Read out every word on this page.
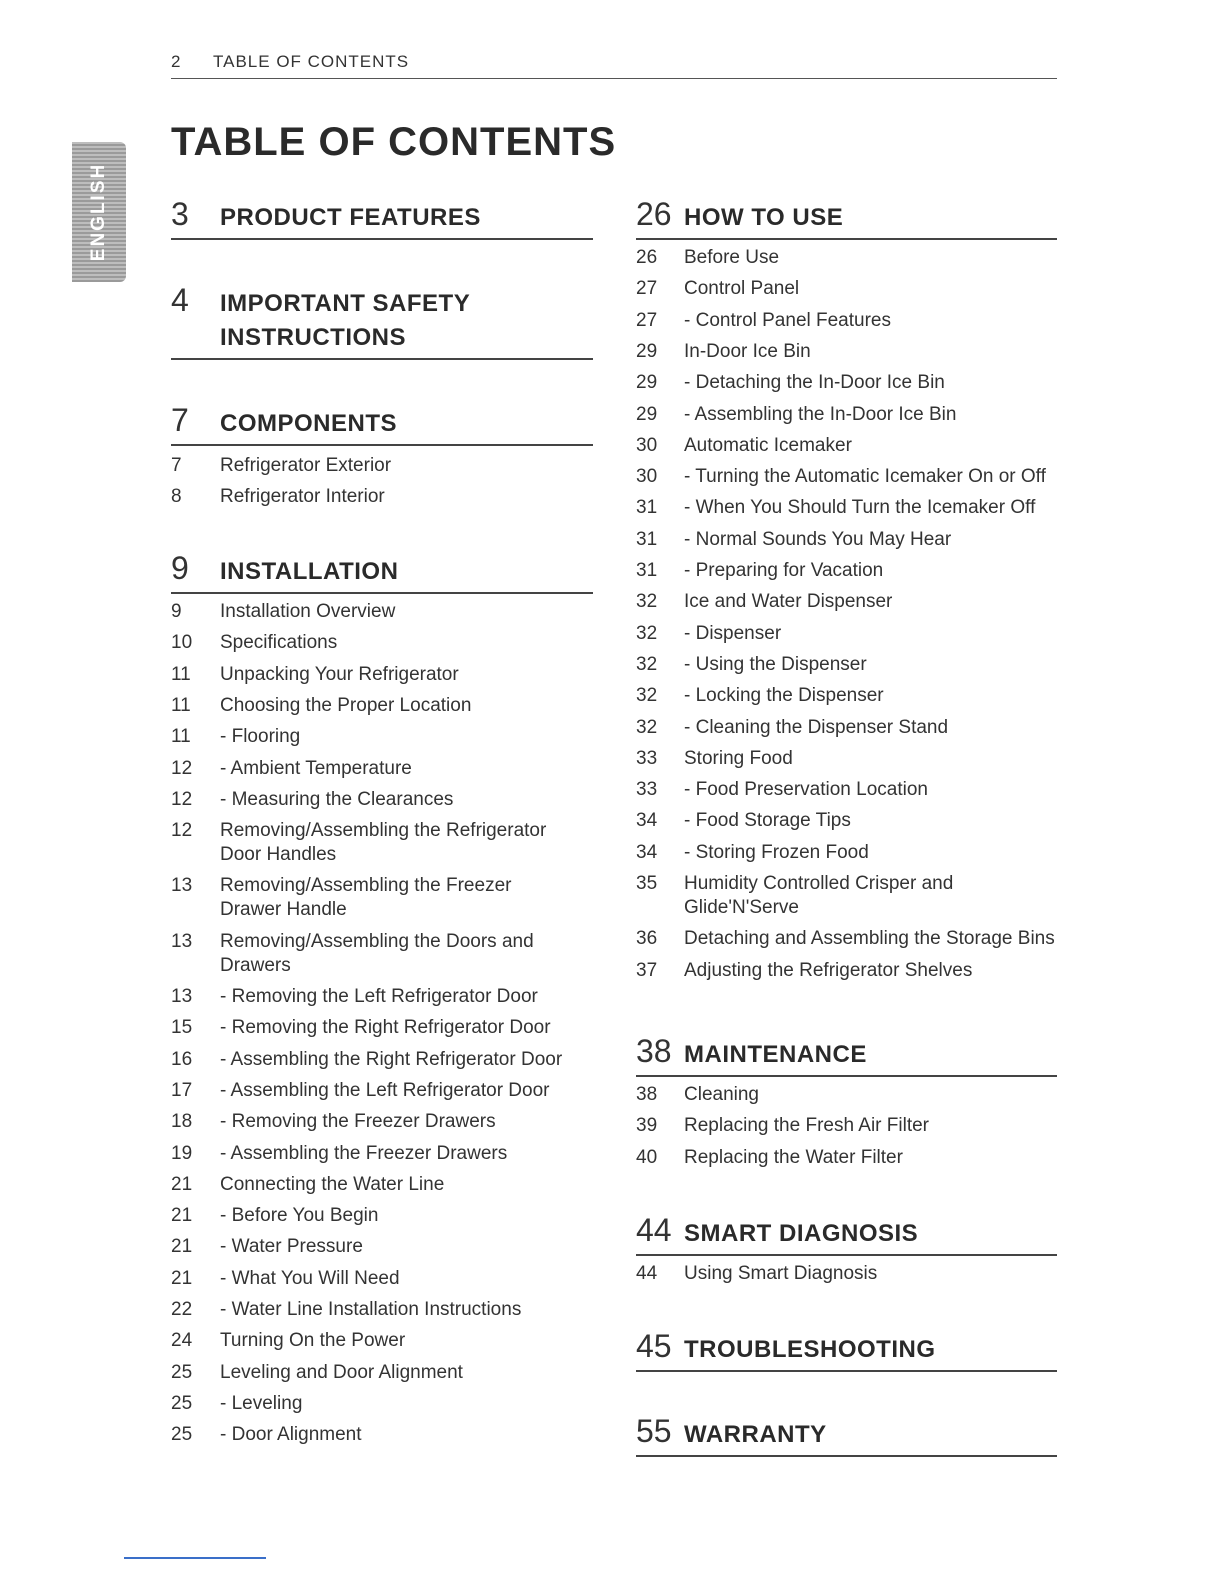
2 TABLE OF CONTENTS
ENGLISH
TABLE OF CONTENTS
3 PRODUCT FEATURES
4 IMPORTANT SAFETY
INSTRUCTIONS
7 COMPONENTS
7 Refrigerator Exterior
8 Refrigerator Interior
9 INSTALLATION
9 Installation Overview
10 Specifications
11 Unpacking Your Refrigerator
11 Choosing the Proper Location
11 - Flooring
12 - Ambient Temperature
12 - Measuring the Clearances
12 Removing/Assembling the Refrigerator
Door Handles
13 Removing/Assembling the Freezer
Drawer Handle
13 Removing/Assembling the Doors and
Drawers
13 - Removing the Left Refrigerator Door
15 - Removing the Right Refrigerator Door
16 - Assembling the Right Refrigerator Door
17 - Assembling the Left Refrigerator Door
18 - Removing the Freezer Drawers
19 - Assembling the Freezer Drawers
21 Connecting the Water Line
21 - Before You Begin
21 - Water Pressure
21 - What You Will Need
22 - Water Line Installation Instructions
24 Turning On the Power
25 Leveling and Door Alignment
25 - Leveling
25 - Door Alignment
26 HOW TO USE
26 Before Use
27 Control Panel
27 - Control Panel Features
29 In-Door Ice Bin
29 - Detaching the In-Door Ice Bin
29 - Assembling the In-Door Ice Bin
30 Automatic Icemaker
30 - Turning the Automatic Icemaker On or Off
31 - When You Should Turn the Icemaker Off
31 - Normal Sounds You May Hear
31 - Preparing for Vacation
32 Ice and Water Dispenser
32 - Dispenser
32 - Using the Dispenser
32 - Locking the Dispenser
32 - Cleaning the Dispenser Stand
33 Storing Food
33 - Food Preservation Location
34 - Food Storage Tips
34 - Storing Frozen Food
35 Humidity Controlled Crisper and
Glide'N'Serve
36 Detaching and Assembling the Storage Bins
37 Adjusting the Refrigerator Shelves
38 MAINTENANCE
38 Cleaning
39 Replacing the Fresh Air Filter
40 Replacing the Water Filter
44 SMART DIAGNOSIS
44 Using Smart Diagnosis
45 TROUBLESHOOTING
55 WARRANTY
